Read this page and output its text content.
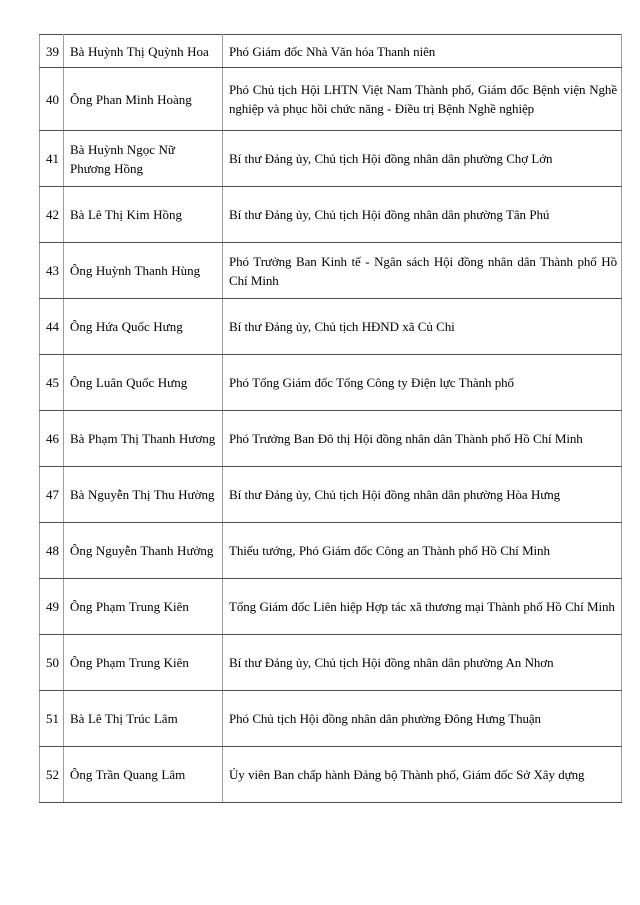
39	Bà Huỳnh Thị Quỳnh Hoa	Phó Giám đốc Nhà Văn hóa Thanh niên
40	Ông Phan Minh Hoàng	Phó Chủ tịch Hội LHTN Việt Nam Thành phố, Giám đốc Bệnh viện Nghề nghiệp và phục hồi chức năng - Điều trị Bệnh Nghề nghiệp
41	Bà Huỳnh Ngọc Nữ Phương Hồng	Bí thư Đảng ủy, Chủ tịch Hội đồng nhân dân phường Chợ Lớn
42	Bà Lê Thị Kim Hồng	Bí thư Đảng ủy, Chủ tịch Hội đồng nhân dân phường Tân Phú
43	Ông Huỳnh Thanh Hùng	Phó Trưởng Ban Kinh tế - Ngân sách Hội đồng nhân dân Thành phố Hồ Chí Minh
44	Ông Hứa Quốc Hưng	Bí thư Đảng ủy, Chủ tịch HĐND xã Củ Chi
45	Ông Luân Quốc Hưng	Phó Tổng Giám đốc Tổng Công ty Điện lực Thành phố
46	Bà Phạm Thị Thanh Hương	Phó Trưởng Ban Đô thị Hội đồng nhân dân Thành phố Hồ Chí Minh
47	Bà Nguyễn Thị Thu Hường	Bí thư Đảng ủy, Chủ tịch Hội đồng nhân dân phường Hòa Hưng
48	Ông Nguyễn Thanh Hưởng	Thiếu tướng, Phó Giám đốc Công an Thành phố Hồ Chí Minh
49	Ông Phạm Trung Kiên	Tổng Giám đốc Liên hiệp Hợp tác xã thương mại Thành phố Hồ Chí Minh
50	Ông Phạm Trung Kiên	Bí thư Đảng ủy, Chủ tịch Hội đồng nhân dân phường An Nhơn
51	Bà Lê Thị Trúc Lâm	Phó Chủ tịch Hội đồng nhân dân phường Đông Hưng Thuận
52	Ông Trần Quang Lâm	Ủy viên Ban chấp hành Đảng bộ Thành phố, Giám đốc Sở Xây dựng
